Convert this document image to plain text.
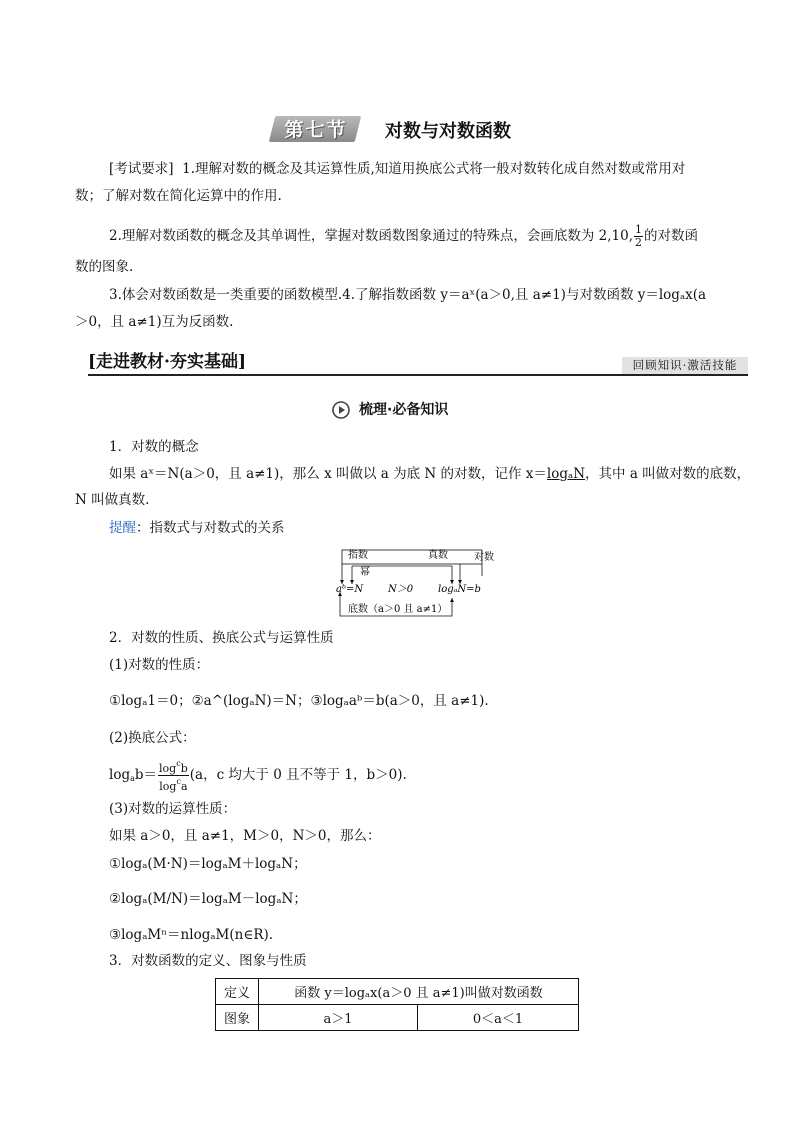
第七节	对数与对数函数
[考试要求] 1.理解对数的概念及其运算性质,知道用换底公式将一般对数转化成自然对数或常用对
数；了解对数在简化运算中的作用.
2.理解对数函数的概念及其单调性，掌握对数函数图象通过的特殊点，会画底数为 2,10, $\frac{1}{2}$ 的对数函
数的图象.
3.体会对数函数是一类重要的函数模型.4.了解指数函数 y＝aˣ(a＞0,且 a≠1)与对数函数 y＝logₐx(a
＞0，且 a≠1)互为反函数.
[走进教材·夯实基础]	回顾知识·激活技能
梳理·必备知识
1．对数的概念
如果 aˣ＝N(a＞0，且 a≠1)，那么 x 叫做以 a 为底 N 的对数，记作 x＝logₐN，其中 a 叫做对数的底数，
N 叫做真数.
提醒：指数式与对数式的关系
指数	真数	对数
幂
aᵇ=N N＞0 logₐN=b
底数（a＞0 且 a≠1）
2．对数的性质、换底公式与运算性质
(1)对数的性质：
①logₐ1＝0；②a^(logₐN)＝N；③logₐaᵇ＝b(a＞0，且 a≠1).
(2)换底公式：
$\log_ab= \frac{\log^cb}{\log^ca} (a$，c 均大于 0 且不等于 1，b＞0).
(3)对数的运算性质：
如果 a＞0，且 a≠1，M＞0，N＞0，那么：
①logₐ(M·N)＝logₐM＋logₐN；
②logₐ(M/N)＝logₐM－logₐN；
③logₐMⁿ＝nlogₐM(n∈R).
3．对数函数的定义、图象与性质
定义	函数 y＝logₐx(a＞0 且 a≠1)叫做对数函数	
图象	a＞1	0＜a＜1
